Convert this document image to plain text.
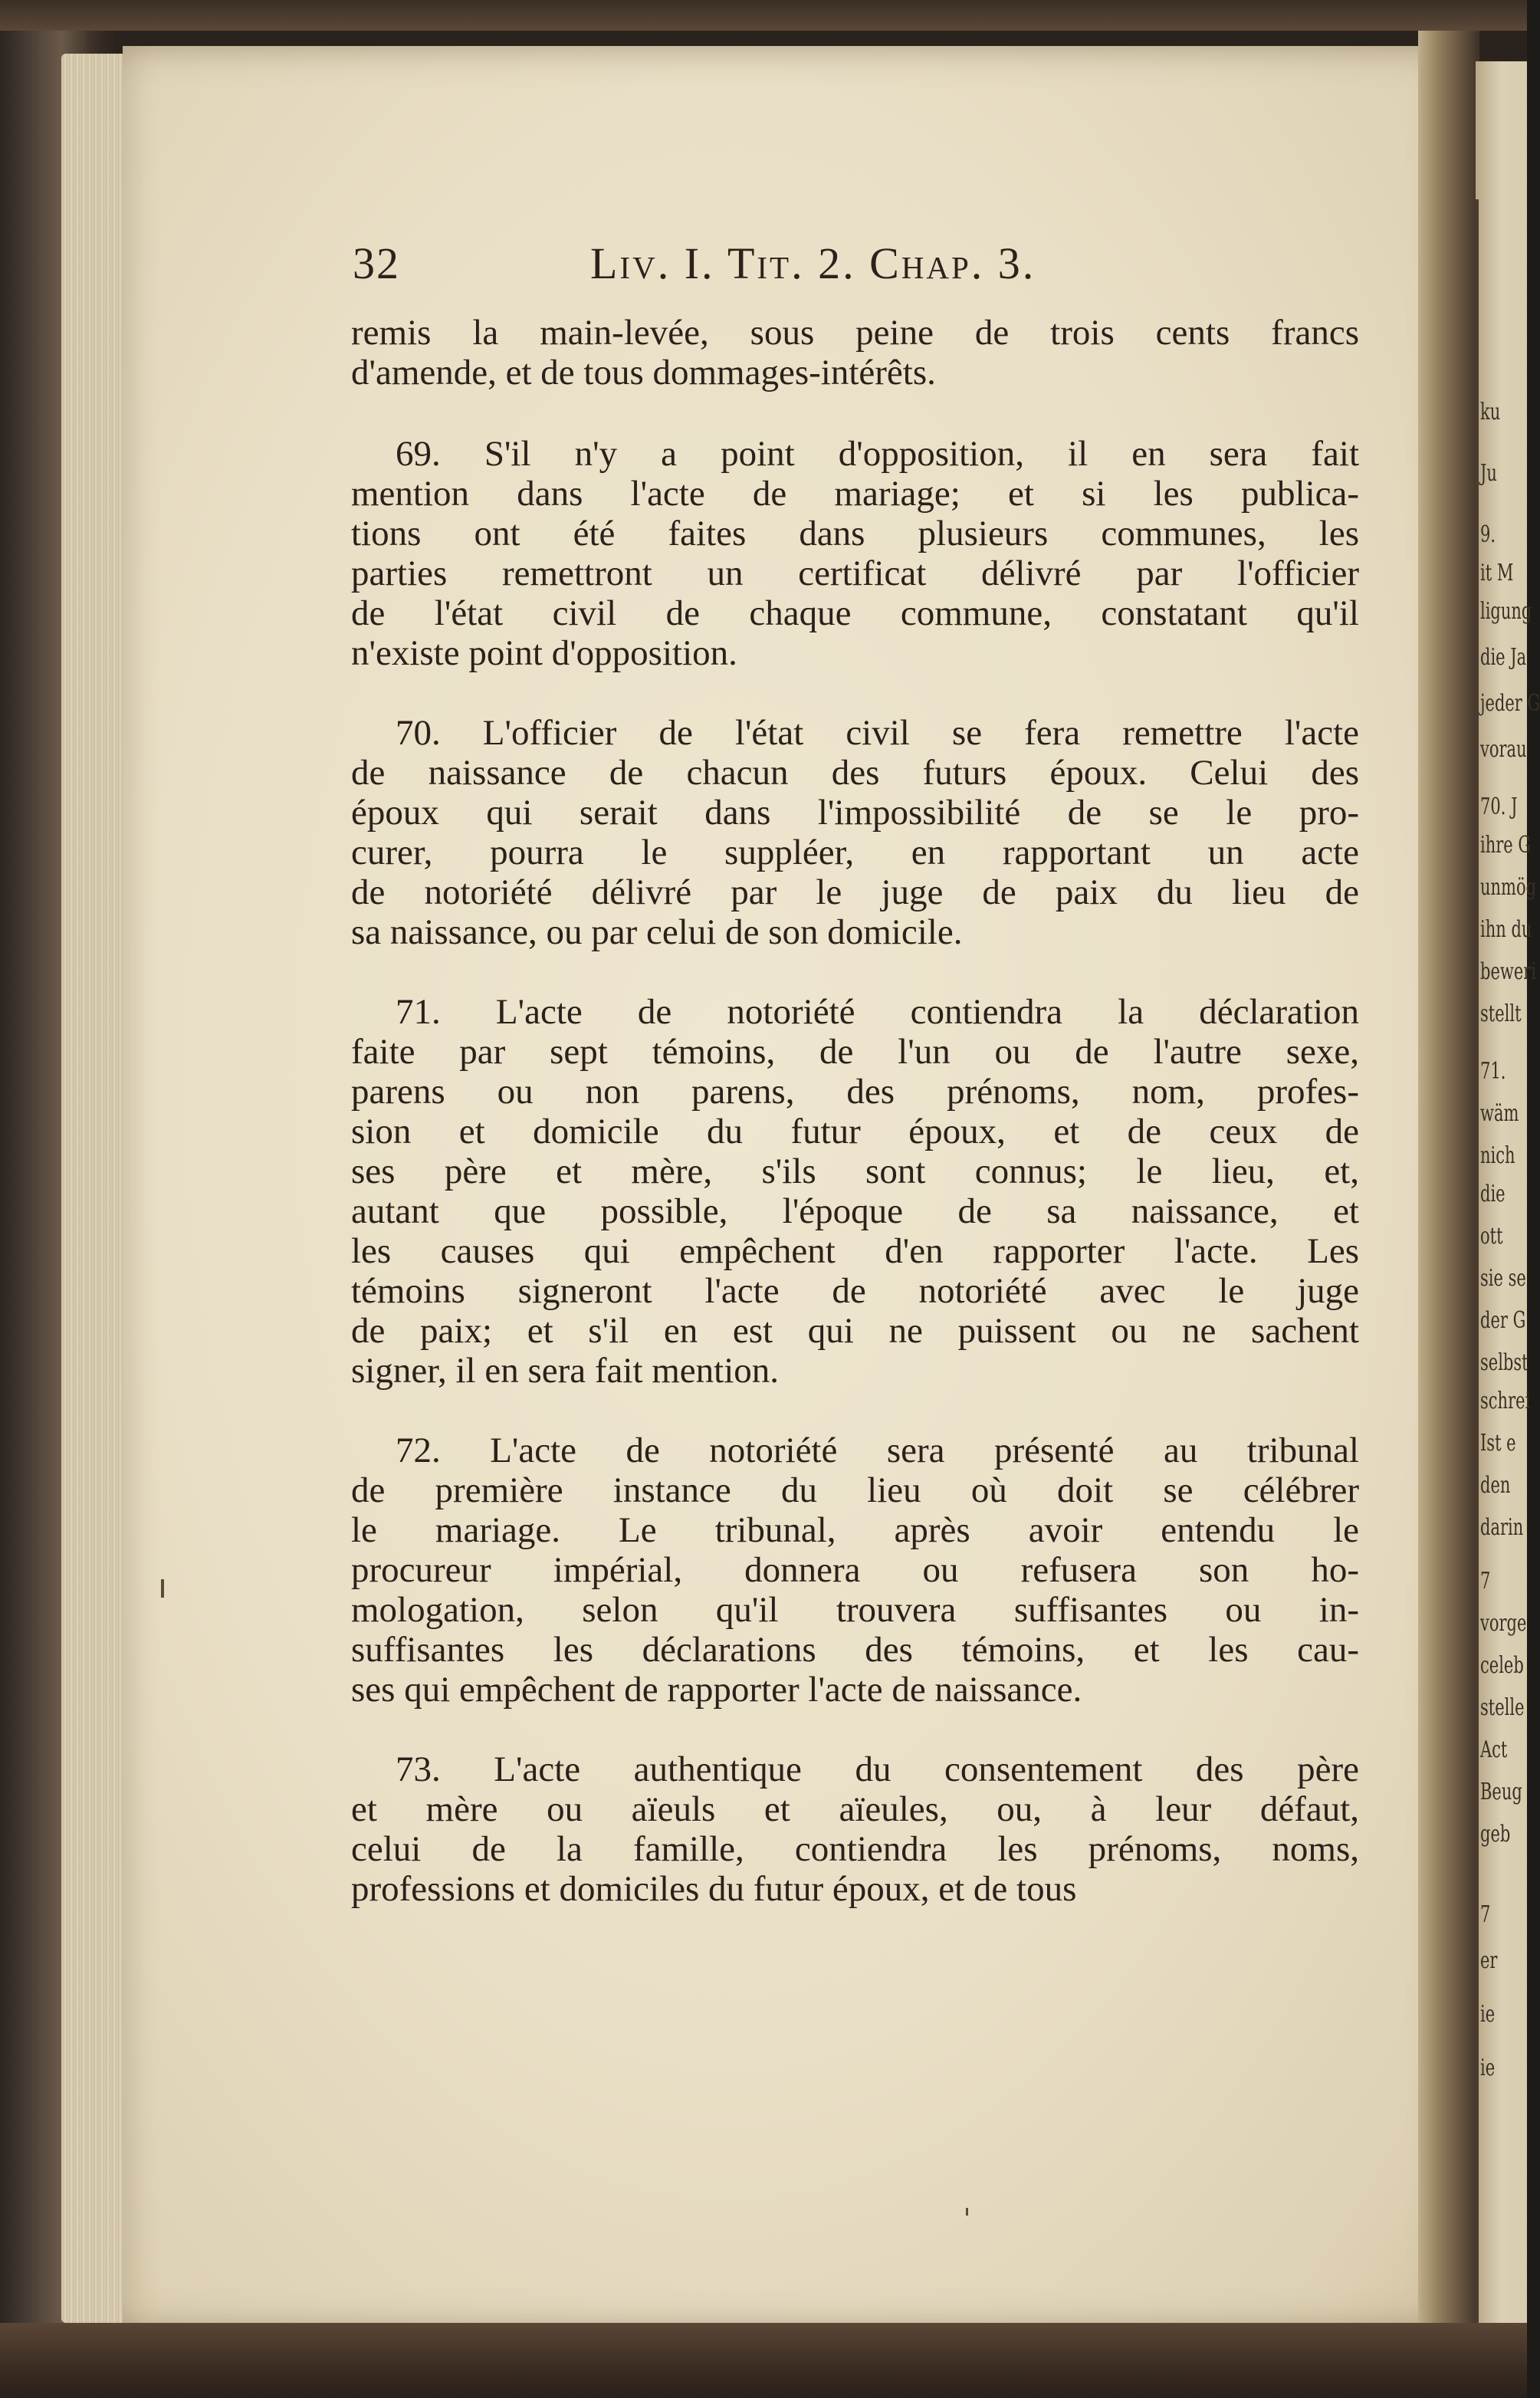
ku
Ju
9.
it M
ligung
die Ja
jeder G
vorau
70. J
ihre G
unmög
ihn du
beweri
stellt
71.
wäm
nich
die
ott
sie se
der G
selbst
schrei
Ist e
den
darin
7
vorge
celeb
stelle
Act
Beug
geb
7
er
ie
ie
32	Liv. I. Tit. 2. Chap. 3.
remis la main-levée, sous peine de trois cents francs
d'amende, et de tous dommages-intérêts.
69. S'il n'y a point d'opposition, il en sera fait
mention dans l'acte de mariage; et si les publica-
tions ont été faites dans plusieurs communes, les
parties remettront un certificat délivré par l'officier
de l'état civil de chaque commune, constatant qu'il
n'existe point d'opposition.
70. L'officier de l'état civil se fera remettre l'acte
de naissance de chacun des futurs époux. Celui des
époux qui serait dans l'impossibilité de se le pro-
curer, pourra le suppléer, en rapportant un acte
de notoriété délivré par le juge de paix du lieu de
sa naissance, ou par celui de son domicile.
71. L'acte de notoriété contiendra la déclaration
faite par sept témoins, de l'un ou de l'autre sexe,
parens ou non parens, des prénoms, nom, profes-
sion et domicile du futur époux, et de ceux de
ses père et mère, s'ils sont connus; le lieu, et,
autant que possible, l'époque de sa naissance, et
les causes qui empêchent d'en rapporter l'acte. Les
témoins signeront l'acte de notoriété avec le juge
de paix; et s'il en est qui ne puissent ou ne sachent
signer, il en sera fait mention.
72. L'acte de notoriété sera présenté au tribunal
de première instance du lieu où doit se célébrer
le mariage. Le tribunal, après avoir entendu le
procureur impérial, donnera ou refusera son ho-
mologation, selon qu'il trouvera suffisantes ou in-
suffisantes les déclarations des témoins, et les cau-
ses qui empêchent de rapporter l'acte de naissance.
73. L'acte authentique du consentement des père
et mère ou aïeuls et aïeules, ou, à leur défaut,
celui de la famille, contiendra les prénoms, noms,
professions et domiciles du futur époux, et de tous
